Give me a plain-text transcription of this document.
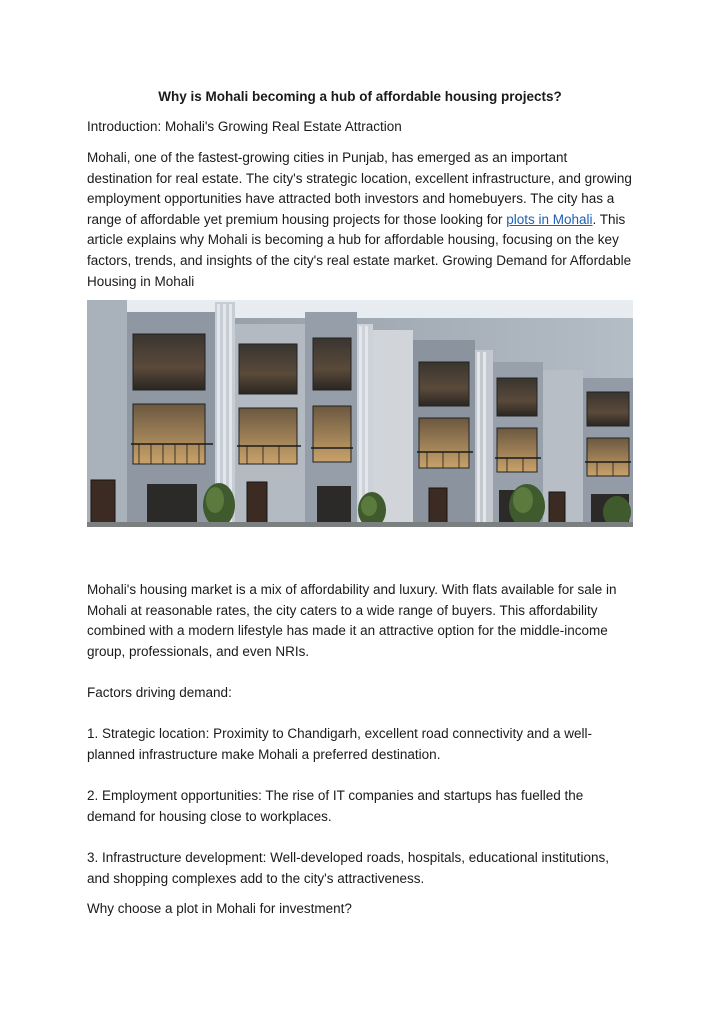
Why is Mohali becoming a hub of affordable housing projects?
Introduction: Mohali's Growing Real Estate Attraction
Mohali, one of the fastest-growing cities in Punjab, has emerged as an important destination for real estate. The city's strategic location, excellent infrastructure, and growing employment opportunities have attracted both investors and homebuyers. The city has a range of affordable yet premium housing projects for those looking for plots in Mohali. This article explains why Mohali is becoming a hub for affordable housing, focusing on the key factors, trends, and insights of the city's real estate market. Growing Demand for Affordable Housing in Mohali
Mohali's housing market is a mix of affordability and luxury. With flats available for sale in Mohali at reasonable rates, the city caters to a wide range of buyers. This affordability combined with a modern lifestyle has made it an attractive option for the middle-income group, professionals, and even NRIs.
Factors driving demand:
1. Strategic location: Proximity to Chandigarh, excellent road connectivity and a well-planned infrastructure make Mohali a preferred destination.
2. Employment opportunities: The rise of IT companies and startups has fuelled the demand for housing close to workplaces.
3. Infrastructure development: Well-developed roads, hospitals, educational institutions, and shopping complexes add to the city's attractiveness.
Why choose a plot in Mohali for investment?
